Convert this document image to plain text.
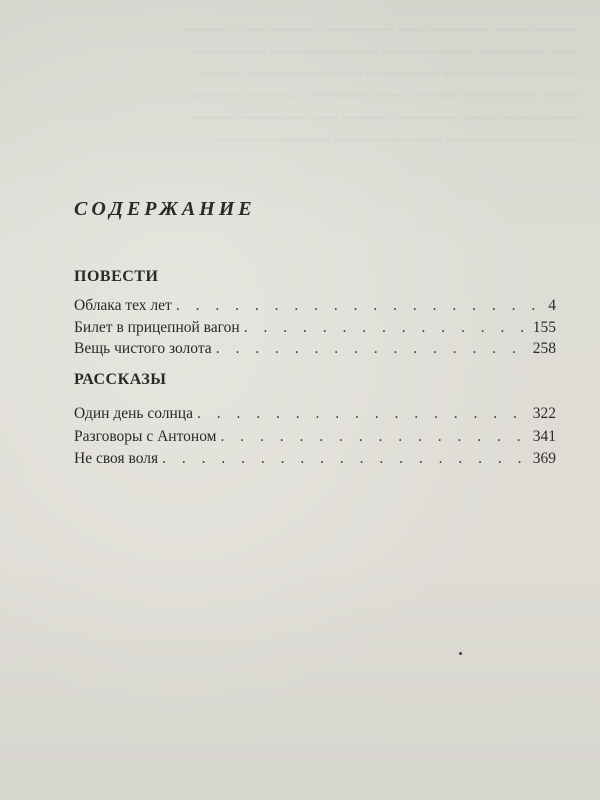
~~~~~~ ~~~~ ~~~~~~~~ ~~~ ~~~~~~~~~ ~~~~~~ ~~~~ ~~~~~~
~~~~ ~~~~~~~~ ~~~~~ ~~~~~~ ~~~~~~~~~~ ~~~ ~~~~~~~~~
~~~~~~~~ ~~~~~ ~~~ ~~~~~~~~~ ~~~~~~ ~~~~~~~~ ~~~~~
~~~~~ ~~~~~~~~~ ~~~~~~ ~~~~ ~~~~~~~~ ~~~~~~~ ~~~~~~
~~~~~~~~~~ ~~~~ ~~~~~~~~ ~~~~~~ ~~~ ~~~~~~~~~ ~~~~~
~~~~~~ ~~~~~~~~~~ ~~~~ ~~~~~~~~~ ~~~~~~ ~~~~~~~~
СОДЕРЖАНИЕ
ПОВЕСТИ
Облака тех лет . . .	4
Билет в прицепной вагон . . .	155
Вещь чистого золота . . .	258
РАССКАЗЫ
Один день солнца . . .	322
Разговоры с Антоном . . .	341
Не своя воля . . .	369
